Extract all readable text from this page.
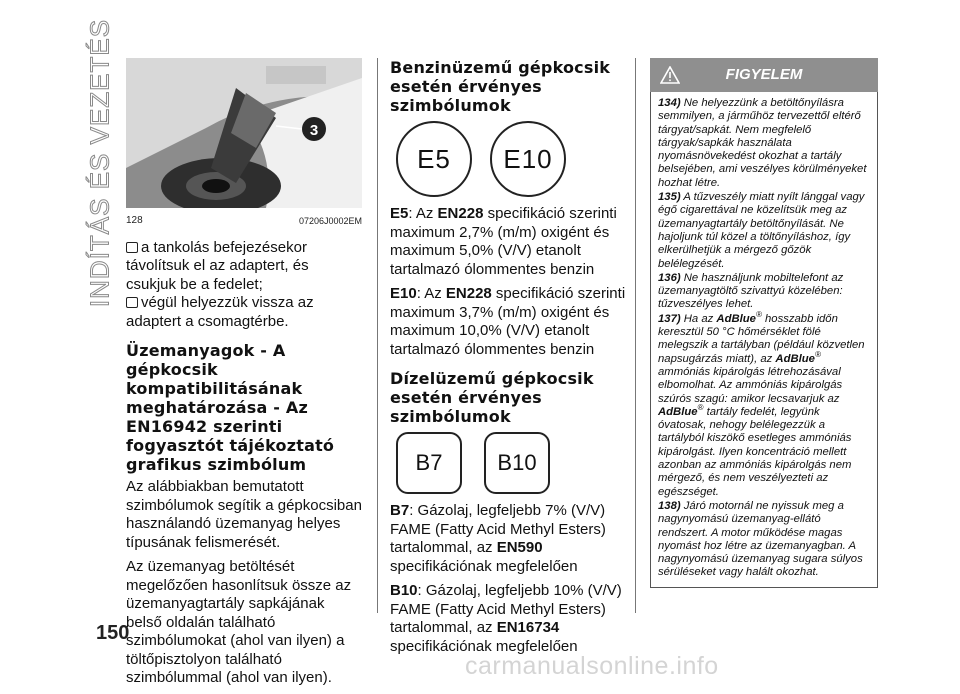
INDÍTÁS ÉS VEZETÉS	3
128	07206J0002EM
a tankolás befejezésekor távolítsuk el az adaptert, és csukjuk be a fedelet;
végül helyezzük vissza az adaptert a csomagtérbe.
Üzemanyagok - A gépkocsik kompatibilitásának meghatározása - Az EN16942 szerinti fogyasztót tájékoztató grafikus szimbólum

Az alábbiakban bemutatott szimbólumok segítik a gépkocsiban használandó üzemanyag helyes típusának felismerését.

Az üzemanyag betöltését megelőzően hasonlítsuk össze az üzemanyagtartály sapkájának belső oldalán található szimbólumokat (ahol van ilyen) a töltőpisztolyon található szimbólummal (ahol van ilyen).

Benzinüzemű gépkocsik esetén érvényes szimbólumok
E5	E10

E5: Az EN228 specifikáció szerinti maximum 2,7% (m/m) oxigént és maximum 5,0% (V/V) etanolt tartalmazó ólommentes benzin

E10: Az EN228 specifikáció szerinti maximum 3,7% (m/m) oxigént és maximum 10,0% (V/V) etanolt tartalmazó ólommentes benzin

Dízelüzemű gépkocsik esetén érvényes szimbólumok
B7	B10

B7: Gázolaj, legfeljebb 7% (V/V) FAME (Fatty Acid Methyl Esters) tartalommal, az EN590 specifikációnak megfelelően

B10: Gázolaj, legfeljebb 10% (V/V) FAME (Fatty Acid Methyl Esters) tartalommal, az EN16734 specifikációnak megfelelően

FIGYELEM

134) Ne helyezzünk a betöltőnyílásra semmilyen, a járműhöz tervezettől eltérő tárgyat/sapkát. Nem megfelelő tárgyak/sapkák használata nyomásnövekedést okozhat a tartály belsejében, ami veszélyes körülményeket hozhat létre.

135) A tűzveszély miatt nyílt lánggal vagy égő cigarettával ne közelítsük meg az üzemanyagtartály betöltőnyílását. Ne hajoljunk túl közel a töltőnyíláshoz, így elkerülhetjük a mérgező gőzök belélegzését.

136) Ne használjunk mobiltelefont az üzemanyagtöltő szivattyú közelében: tűzveszélyes lehet.

137) Ha az AdBlue® hosszabb időn keresztül 50 °C hőmérséklet fölé melegszik a tartályban (például közvetlen napsugárzás miatt), az AdBlue® ammóniás kipárolgás létrehozásával elbomolhat. Az ammóniás kipárolgás szúrós szagú: amikor lecsavarjuk az AdBlue® tartály fedelét, legyünk óvatosak, nehogy belélegezzük a tartályból kiszökő esetleges ammóniás kipárolgást. Ilyen koncentráció mellett azonban az ammóniás kipárolgás nem mérgező, és nem veszélyezteti az egészséget.

138) Járó motornál ne nyissuk meg a nagynyomású üzemanyag-ellátó rendszert. A motor működése magas nyomást hoz létre az üzemanyagban. A nagynyomású üzemanyag sugara súlyos sérüléseket vagy halált okozhat.

150
carmanualsonline.info
